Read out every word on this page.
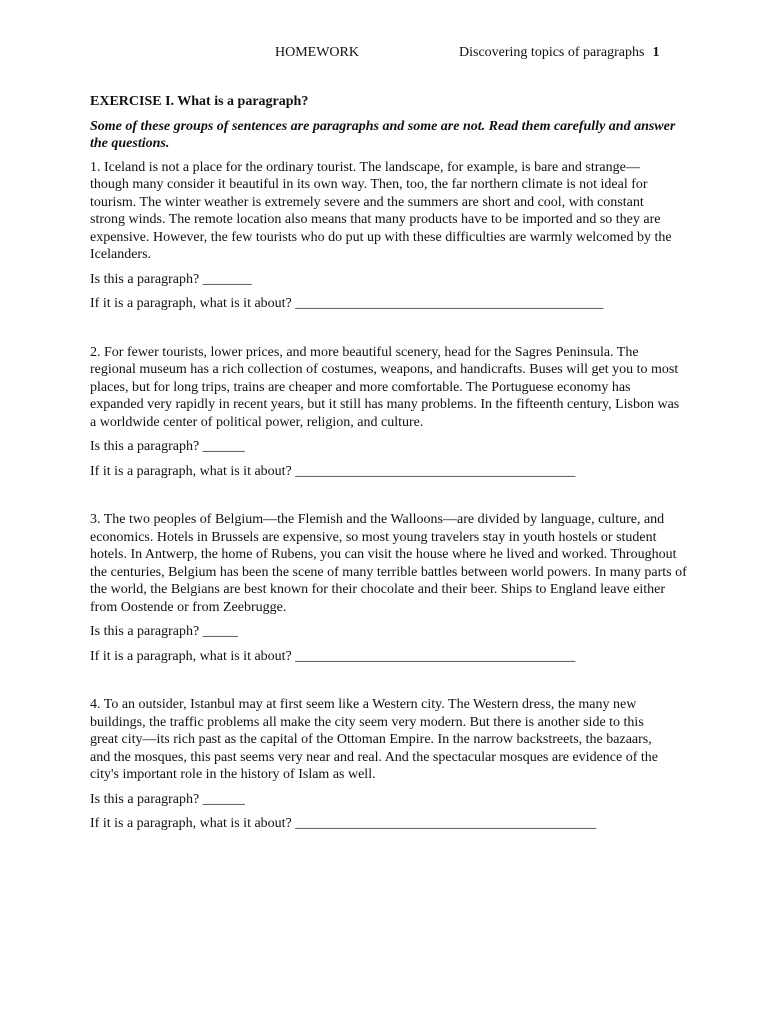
HOMEWORK	Discovering topics of paragraphs 1

EXERCISE I. What is a paragraph?

Some of these groups of sentences are paragraphs and some are not. Read them carefully and answer the questions.

1. Iceland is not a place for the ordinary tourist. The landscape, for example, is bare and strange—though many consider it beautiful in its own way. Then, too, the far northern climate is not ideal for tourism. The winter weather is extremely severe and the summers are short and cool, with constant strong winds. The remote location also means that many products have to be imported and so they are expensive. However, the few tourists who do put up with these difficulties are warmly welcomed by the Icelanders.

Is this a paragraph? _______

If it is a paragraph, what is it about? ____________________________________________

2. For fewer tourists, lower prices, and more beautiful scenery, head for the Sagres Peninsula. The regional museum has a rich collection of costumes, weapons, and handicrafts. Buses will get you to most places, but for long trips, trains are cheaper and more comfortable. The Portuguese economy has expanded very rapidly in recent years, but it still has many problems. In the fifteenth century, Lisbon was a worldwide center of political power, religion, and culture.

Is this a paragraph? ______

If it is a paragraph, what is it about? ________________________________________

3. The two peoples of Belgium—the Flemish and the Walloons—are divided by language, culture, and economics. Hotels in Brussels are expensive, so most young travelers stay in youth hostels or student hotels. In Antwerp, the home of Rubens, you can visit the house where he lived and worked. Throughout the centuries, Belgium has been the scene of many terrible battles between world powers. In many parts of the world, the Belgians are best known for their chocolate and their beer. Ships to England leave either from Oostende or from Zeebrugge.

Is this a paragraph? _____

If it is a paragraph, what is it about? ________________________________________

4. To an outsider, Istanbul may at first seem like a Western city. The Western dress, the many new buildings, the traffic problems all make the city seem very modern. But there is another side to this great city—its rich past as the capital of the Ottoman Empire. In the narrow backstreets, the bazaars, and the mosques, this past seems very near and real. And the spectacular mosques are evidence of the city's important role in the history of Islam as well.

Is this a paragraph? ______

If it is a paragraph, what is it about? ___________________________________________
